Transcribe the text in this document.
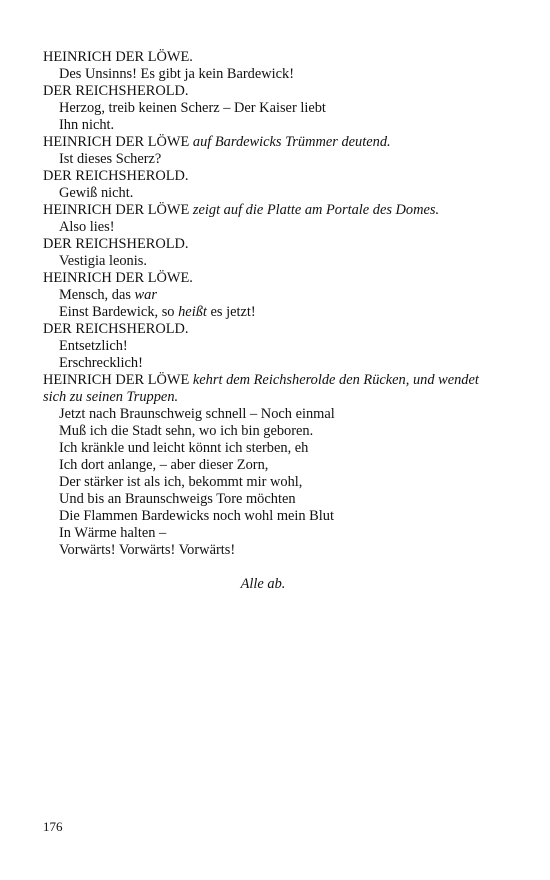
HEINRICH DER LÖWE.
Des Unsinns! Es gibt ja kein Bardewick!
DER REICHSHEROLD.
Herzog, treib keinen Scherz – Der Kaiser liebt
Ihn nicht.
HEINRICH DER LÖWE auf Bardewicks Trümmer deutend.
Ist dieses Scherz?
DER REICHSHEROLD.
Gewiß nicht.
HEINRICH DER LÖWE zeigt auf die Platte am Portale des Domes.
Also lies!
DER REICHSHEROLD.
Vestigia leonis.
HEINRICH DER LÖWE.
Mensch, das war
Einst Bardewick, so heißt es jetzt!
DER REICHSHEROLD.
Entsetzlich!
Erschrecklich!
HEINRICH DER LÖWE kehrt dem Reichsherolde den Rücken, und wendet sich zu seinen Truppen.
Jetzt nach Braunschweig schnell – Noch einmal
Muß ich die Stadt sehn, wo ich bin geboren.
Ich kränkle und leicht könnt ich sterben, eh
Ich dort anlange, – aber dieser Zorn,
Der stärker ist als ich, bekommt mir wohl,
Und bis an Braunschweigs Tore möchten
Die Flammen Bardewicks noch wohl mein Blut
In Wärme halten –
Vorwärts! Vorwärts! Vorwärts!
Alle ab.
176
